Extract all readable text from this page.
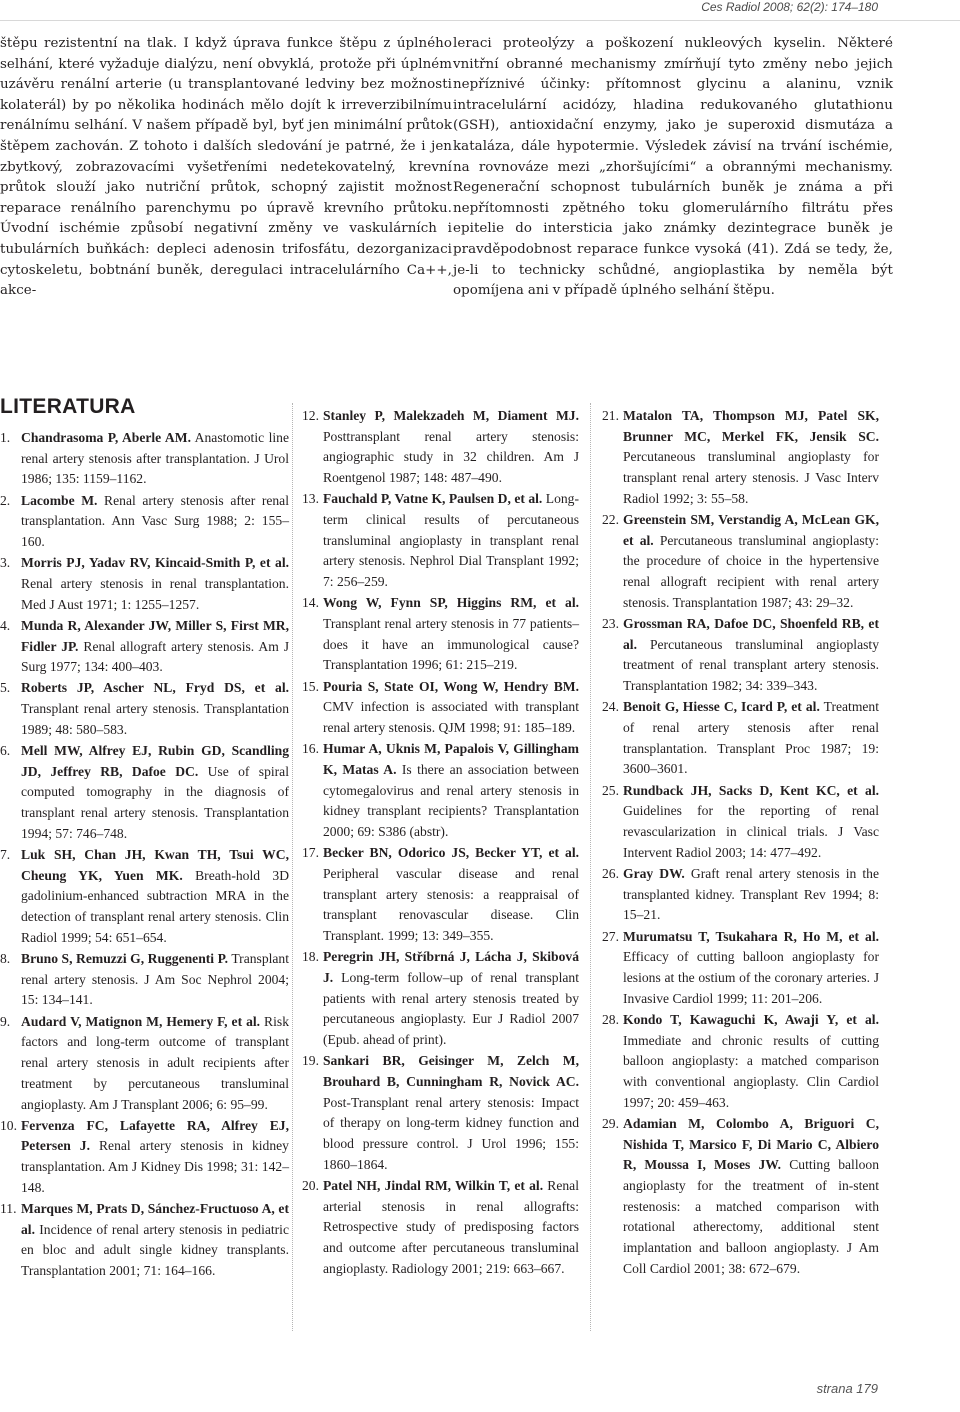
Ces Radiol 2008; 62(2): 174–180

štěpu rezistentní na tlak. I když úprava funkce štěpu z úplného selhání, které vyžaduje dialýzu, není obvyklá, protože při úplném uzávěru renální arterie (u transplantované ledviny bez možnosti kolaterál) by po několika hodinách mělo dojít k irreverzibilnímu renálnímu selhání. V našem případě byl, byť jen minimální průtok štěpem zachován. Z tohoto i dalších sledování je patrné, že i jen zbytkový, zobrazovacími vyšetřeními nedetekovatelný, krevní průtok slouží jako nutriční průtok, schopný zajistit možnost reparace renálního parenchymu po úpravě krevního průtoku. Úvodní ischémie způsobí negativní změny ve vaskulárních i tubulárních buňkách: depleci adenosin trifosfátu, dezorganizaci cytoskeletu, bobtnání buněk, deregulaci intracelulárního Ca++, akce-

leraci proteolýzy a poškození nukleových kyselin. Některé vnitřní obranné mechanismy zmírňují tyto změny nebo jejich nepříznivé účinky: přítomnost glycinu a alaninu, vznik intracelulární acidózy, hladina redukovaného glutathionu (GSH), antioxidační enzymy, jako je superoxid dismutáza a kataláza, dále hypotermie. Výsledek závisí na trvání ischémie, na rovnováze mezi „zhoršujícími“ a obrannými mechanismy. Regenerační schopnost tubulárních buněk je známa a při nepřítomnosti zpětného toku glomerulárního filtrátu přes epitelie do intersticia jako známky dezintegrace buněk je pravděpodobnost reparace funkce vysoká (41). Zdá se tedy, že, je-li to technicky schůdné, angioplastika by neměla být opomíjena ani v případě úplného selhání štěpu.

LITERATURA
1. Chandrasoma P, Aberle AM. Anastomotic line renal artery stenosis after transplantation. J Urol 1986; 135: 1159–1162.
2. Lacombe M. Renal artery stenosis after renal transplantation. Ann Vasc Surg 1988; 2: 155–160.
3. Morris PJ, Yadav RV, Kincaid-Smith P, et al. Renal artery stenosis in renal transplantation. Med J Aust 1971; 1: 1255–1257.
4. Munda R, Alexander JW, Miller S, First MR, Fidler JP. Renal allograft artery stenosis. Am J Surg 1977; 134: 400–403.
5. Roberts JP, Ascher NL, Fryd DS, et al. Transplant renal artery stenosis. Transplantation 1989; 48: 580–583.
6. Mell MW, Alfrey EJ, Rubin GD, Scandling JD, Jeffrey RB, Dafoe DC. Use of spiral computed tomography in the diagnosis of transplant renal artery stenosis. Transplantation 1994; 57: 746–748.
7. Luk SH, Chan JH, Kwan TH, Tsui WC, Cheung YK, Yuen MK. Breath-hold 3D gadolinium-enhanced subtraction MRA in the detection of transplant renal artery stenosis. Clin Radiol 1999; 54: 651–654.
8. Bruno S, Remuzzi G, Ruggenenti P. Transplant renal artery stenosis. J Am Soc Nephrol 2004; 15: 134–141.
9. Audard V, Matignon M, Hemery F, et al. Risk factors and long-term outcome of transplant renal artery stenosis in adult recipients after treatment by percutaneous transluminal angioplasty. Am J Transplant 2006; 6: 95–99.
10. Fervenza FC, Lafayette RA, Alfrey EJ, Petersen J. Renal artery stenosis in kidney transplantation. Am J Kidney Dis 1998; 31: 142–148.
11. Marques M, Prats D, Sánchez-Fructuoso A, et al. Incidence of renal artery stenosis in pediatric en bloc and adult single kidney transplants. Transplantation 2001; 71: 164–166.
12. Stanley P, Malekzadeh M, Diament MJ. Posttransplant renal artery stenosis: angiographic study in 32 children. Am J Roentgenol 1987; 148: 487–490.
13. Fauchald P, Vatne K, Paulsen D, et al. Long-term clinical results of percutaneous transluminal angioplasty in transplant renal artery stenosis. Nephrol Dial Transplant 1992; 7: 256–259.
14. Wong W, Fynn SP, Higgins RM, et al. Transplant renal artery stenosis in 77 patients–does it have an immunological cause? Transplantation 1996; 61: 215–219.
15. Pouria S, State OI, Wong W, Hendry BM. CMV infection is associated with transplant renal artery stenosis. QJM 1998; 91: 185–189.
16. Humar A, Uknis M, Papalois V, Gillingham K, Matas A. Is there an association between cytomegalovirus and renal artery stenosis in kidney transplant recipients? Transplantation 2000; 69: S386 (abstr).
17. Becker BN, Odorico JS, Becker YT, et al. Peripheral vascular disease and renal transplant artery stenosis: a reappraisal of transplant renovascular disease. Clin Transplant. 1999; 13: 349–355.
18. Peregrin JH, Stříbrná J, Lácha J, Skibová J. Long-term follow–up of renal transplant patients with renal artery stenosis treated by percutaneous angioplasty. Eur J Radiol 2007 (Epub. ahead of print).
19. Sankari BR, Geisinger M, Zelch M, Brouhard B, Cunningham R, Novick AC. Post-Transplant renal artery stenosis: Impact of therapy on long-term kidney function and blood pressure control. J Urol 1996; 155: 1860–1864.
20. Patel NH, Jindal RM, Wilkin T, et al. Renal arterial stenosis in renal allografts: Retrospective study of predisposing factors and outcome after percutaneous transluminal angioplasty. Radiology 2001; 219: 663–667.
21. Matalon TA, Thompson MJ, Patel SK, Brunner MC, Merkel FK, Jensik SC. Percutaneous transluminal angioplasty for transplant renal artery stenosis. J Vasc Interv Radiol 1992; 3: 55–58.
22. Greenstein SM, Verstandig A, McLean GK, et al. Percutaneous transluminal angioplasty: the procedure of choice in the hypertensive renal allograft recipient with renal artery stenosis. Transplantation 1987; 43: 29–32.
23. Grossman RA, Dafoe DC, Shoenfeld RB, et al. Percutaneous transluminal angioplasty treatment of renal transplant artery stenosis. Transplantation 1982; 34: 339–343.
24. Benoit G, Hiesse C, Icard P, et al. Treatment of renal artery stenosis after renal transplantation. Transplant Proc 1987; 19: 3600–3601.
25. Rundback JH, Sacks D, Kent KC, et al. Guidelines for the reporting of renal revascularization in clinical trials. J Vasc Intervent Radiol 2003; 14: 477–492.
26. Gray DW. Graft renal artery stenosis in the transplanted kidney. Transplant Rev 1994; 8: 15–21.
27. Murumatsu T, Tsukahara R, Ho M, et al. Efficacy of cutting balloon angioplasty for lesions at the ostium of the coronary arteries. J Invasive Cardiol 1999; 11: 201–206.
28. Kondo T, Kawaguchi K, Awaji Y, et al. Immediate and chronic results of cutting balloon angioplasty: a matched comparison with conventional angioplasty. Clin Cardiol 1997; 20: 459–463.
29. Adamian M, Colombo A, Briguori C, Nishida T, Marsico F, Di Mario C, Albiero R, Moussa I, Moses JW. Cutting balloon angioplasty for the treatment of in-stent restenosis: a matched comparison with rotational atherectomy, additional stent implantation and balloon angioplasty. J Am Coll Cardiol 2001; 38: 672–679.
strana 179
